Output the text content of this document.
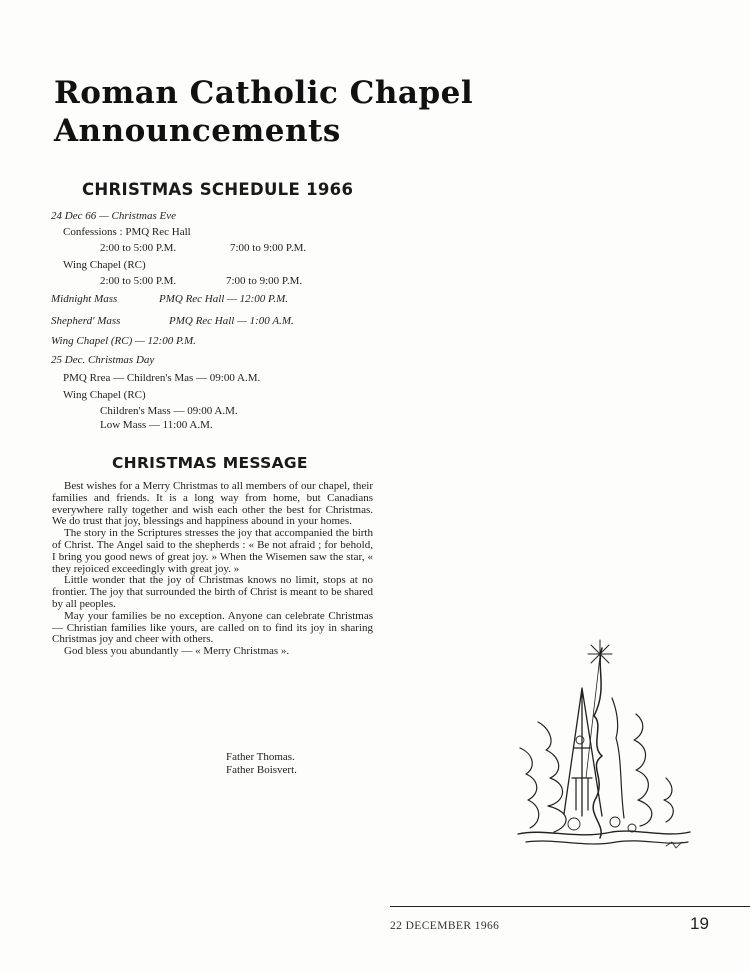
Roman Catholic Chapel
Announcements
CHRISTMAS SCHEDULE 1966
24 Dec 66 — Christmas Eve
Confessions : PMQ Rec Hall
2:00 to 5:00 P.M.	7:00 to 9:00 P.M.
Wing Chapel (RC)
2:00 to 5:00 P.M.	7:00 to 9:00 P.M.
Midnight Mass	PMQ Rec Hall — 12:00 P.M.
Shepherd' Mass	PMQ Rec Hall — 1:00 A.M.
Wing Chapel (RC) — 12:00 P.M.
25 Dec. Christmas Day
PMQ Rrea — Children's Mas — 09:00 A.M.
Wing Chapel (RC)
Children's Mass — 09:00 A.M.
Low Mass — 11:00 A.M.
CHRISTMAS MESSAGE

Best wishes for a Merry Christmas to all members of our chapel, their families and friends. It is a long way from home, but Canadians everywhere rally together and wish each other the best for Christmas. We do trust that joy, blessings and happiness abound in your homes.

The story in the Scriptures stresses the joy that accompanied the birth of Christ. The Angel said to the shepherds : « Be not afraid ; for behold, I bring you good news of great joy. » When the Wisemen saw the star, « they rejoiced exceedingly with great joy. »

Little wonder that the joy of Christmas knows no limit, stops at no frontier. The joy that surrounded the birth of Christ is meant to be shared by all peoples.

May your families be no exception. Anyone can celebrate Christmas — Christian families like yours, are called on to find its joy in sharing Christmas joy and cheer with others.

God bless you abundantly — « Merry Christmas ».

Father Thomas.
Father Boisvert.
22 DECEMBER 1966	19
